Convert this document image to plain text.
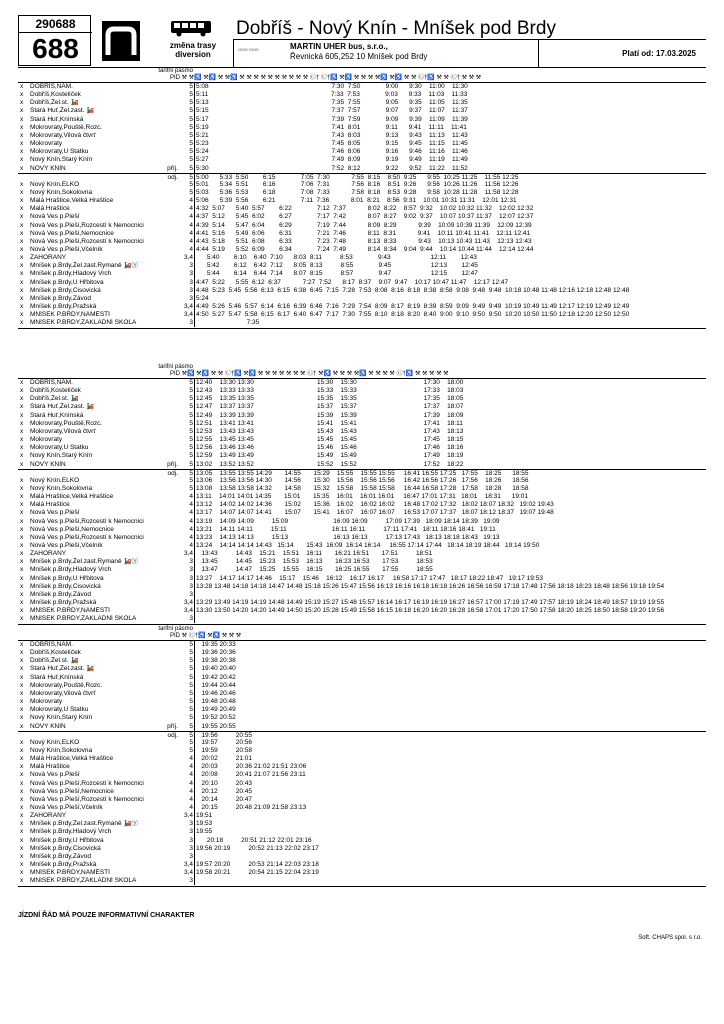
290688
688	změna trasy
diversion
Dobříš - Nový Knín - Mníšek pod Brdy
ODIS ODIS	MARTIN UHER bus, s.r.o.,
Řevnická 605,252 10 Mníšek pod Brdy	Platí od: 17.03.2025
tarifní pásmo
PID ⚒ ⚒♿ ⚒♿ ⚒ ⚒♿ ⚒ ⚒ ⚒ ⚒ ⚒ ⚒ ⚒ ⚒ ⚒ ⚒ Ⓒ† Ⓒ†♿ ⚒♿ ⚒ ⚒ ⚒ ⚒♿ ⚒♿ ⚒ ⚒ Ⓒ†♿ ⚒ ⚒ Ⓒ† ⚒ ⚒ ⚒
x	DOBŘÍŠ,NÁM.	5 5:08                                                                    7:30  7:50              9:00      9:30    11:00    11:30
x	Dobříš,Kostelíček	5 5:11                                                                    7:33  7:53              9:03      9:33    11:03    11:33
x	Dobříš,Žel.st. 🚂	5 5:13                                                                    7:35  7:55              9:05      9:35    11:05    11:35
x	Stará Huť,Žel.zast. 🚂	5 5:15                                                                    7:37  7:57              9:07      9:37    11:07    11:37
x	Stará Huť,Knínská	5 5:17                                                                    7:39  7:59              9:09      9:39    11:09    11:39
x	Mokrovraty,Pouště,Rozc.	5 5:19                                                                    7:41  8:01              9:11      9:41    11:11    11:41
x	Mokrovraty,Vilová čtvrť	5 5:21                                                                    7:43  8:03              9:13      9:43    11:13    11:43
x	Mokrovraty	5 5:23                                                                    7:45  8:05              9:15      9:45    11:15    11:45
x	Mokrovraty,U Statku	5 5:24                                                                    7:46  8:06              9:16      9:46    11:16    11:46
x	Nový Knín,Starý Knín	5 5:27                                                                    7:49  8:09              9:19      9:49    11:19    11:49
x	NOVÝ KNÍN	příj.	5 5:30                                                                    7:52  8:12              9:22      9:52    11:22    11:52
odj.	5 5:00      5:33  5:50        6:15              7:05  7:30            7:55  8:15    8:50  9:25      9:55  10:25 11:25    11:55 12:25
x	Nový Knín,ELKO	5 5:01      5:34  5:51        6:16              7:06  7:31            7:56  8:16    8:51  9:26      9:56  10:26 11:26    11:56 12:26
x	Nový Knín,Sokolovna	5 5:03      5:36  5:53        6:18              7:08  7:33            7:58  8:18    8:53  9:28      9:58  10:28 11:28    11:58 12:28
x	Malá Hraštice,Velká Hraštice	4 5:06      5:39  5:56        6:21              7:11  7:36            8:01  8:21    8:56  9:31    10:01 10:31 11:31    12:01 12:31
x	Malá Hraštice	4 4:32  5:07      5:40  5:57        6:22              7:12  7:37            8:02  8:22    8:57  9:32    10:02 10:32 11:32    12:02 12:32
x	Nová Ves p.Pleší	4 4:37  5:12      5:45  6:02        6:27              7:17  7:42            8:07  8:27    9:02  9:37    10:07 10:37 11:37    12:07 12:37
x	Nová Ves p.Pleší,Rozcestí k Nemocnici	4 4:39  5:14      5:47  6:04        6:29              7:19  7:44            8:09  8:29            9:39    10:09 10:39 11:39    12:09 12:39
x	Nová Ves p.Pleší,Nemocnice	4 4:41  5:16      5:49  6:06        6:31              7:21  7:46            8:11  8:31            9:41    10:11 10:41 11:41    12:11 12:41
x	Nová Ves p.Pleší,Rozcestí k Nemocnici	4 4:43  5:18      5:51  6:08        6:33              7:23  7:48            8:13  8:33            9:43    10:13 10:43 11:43    12:13 12:43
x	Nová Ves p.Pleší,Včelník	4 4:44  5:19      5:52  6:09        6:34              7:24  7:49            8:14  8:34    9:04  9:44    10:14 10:44 11:44    12:14 12:44
x	ZAHORANY	3,4 5:40        6:10    6:40  7:10      8:03  8:11          8:53              9:43                      12:11        12:43
x	Mníšek p.Brdy,Žel.zast.Rymaně 🚂Ⓢ	3 5:42        6:12    6:42  7:12      8:05  8:13          8:55              9:45                      12:13        12:45
x	Mníšek p.Brdy,Hladový Vrch	3 5:44        6:14    6:44  7:14      8:07  8:15          8:57              9:47                      12:15        12:47
x	Mníšek p.Brdy,U Hřbitova	3 4:47  5:22      5:55  6:12  6:37            7:27  7:52      8:17  8:37    9:07  9:47    10:17 10:47 11:47    12:17 12:47
x	Mníšek p.Brdy,Čisovická	3 4:48  5:23  5:45  5:56  6:13  6:15  6:38  6:45  7:15  7:28  7:53  8:08  8:16  8:18  8:38  8:58  9:08  9:48  9:48  10:18 10:48 11:48 12:16 12:18 12:48 12:48
x	Mníšek p.Brdy,Závod	3 5:24
x	Mníšek p.Brdy,Pražská	3,4 4:49  5:26  5:46  5:57  6:14  6:16  6:39  6:46  7:16  7:29  7:54  8:09  8:17  8:19  8:39  8:59  9:09  9:49  9:49  10:19 10:49 11:49 12:17 12:19 12:49 12:49
x	MNÍŠEK P.BRDY,NÁMĚSTÍ	3,4 4:50  5:27  5:47  5:58  6:15  6:17  6:40  6:47  7:17  7:30  7:55  8:10  8:18  8:20  8:40  9:00  9:10  9:50  9:50  10:20 10:50 11:50 12:18 12:20 12:50 12:50
x	MNÍŠEK P.BRDY,ZÁKLADNÍ ŠKOLA	3 7:35
tarifní pásmo
PID ⚒♿ ⚒♿ ⚒ ⚒ Ⓒ†♿ ⚒♿ ⚒ ⚒ ⚒ ⚒ ⚒ ⚒ ⚒ Ⓒ† ⚒♿ ⚒ ⚒ ⚒ ⚒♿ ⚒ ⚒ ⚒ ⚒ Ⓒ†♿ ⚒ ⚒ ⚒ ⚒ ⚒
x	DOBŘÍŠ,NÁM.	5 12:40    13:30 13:30                                   15:30    15:30                                     17:30    18:00
x	Dobříš,Kostelíček	5 12:43    13:33 13:33                                   15:33    15:33                                     17:33    18:03
x	Dobříš,Žel.st. 🚂	5 12:45    13:35 13:35                                   15:35    15:35                                     17:35    18:05
x	Stará Huť,Žel.zast. 🚂	5 12:47    13:37 13:37                                   15:37    15:37                                     17:37    18:07
x	Stará Huť,Knínská	5 12:49    13:39 13:39                                   15:39    15:39                                     17:39    18:09
x	Mokrovraty,Pouště,Rozc.	5 12:51    13:41 13:41                                   15:41    15:41                                     17:41    18:11
x	Mokrovraty,Vilová čtvrť	5 12:53    13:43 13:43                                   15:43    15:43                                     17:43    18:13
x	Mokrovraty	5 12:55    13:45 13:45                                   15:45    15:45                                     17:45    18:15
x	Mokrovraty,U Statku	5 12:56    13:46 13:46                                   15:46    15:46                                     17:46    18:16
x	Nový Knín,Starý Knín	5 12:59    13:49 13:49                                   15:49    15:49                                     17:49    18:19
x	NOVÝ KNÍN	příj.	5 13:02    13:52 13:52                                   15:52    15:52                                     17:52    18:22
odj.	5 13:05    13:55 13:55 14:29       14:55       15:29    15:55    15:55 15:55     16:41 16:55 17:25   17:55    18:25      18:55
x	Nový Knín,ELKO	5 13:06    13:56 13:56 14:30       14:56       15:30    15:56    15:56 15:56     16:42 16:56 17:26   17:56    18:26      18:56
x	Nový Knín,Sokolovna	5 13:08    13:58 13:58 14:32       14:58       15:32    15:58    15:58 15:58     16:44 16:58 17:28   17:58    18:28      18:58
x	Malá Hraštice,Velká Hraštice	4 13:11    14:01 14:01 14:35       15:01       15:35    16:01    16:01 16:01     16:47 17:01 17:31   18:01    18:31      19:01
x	Malá Hraštice	4 13:12    14:02 14:02 14:36       15:02       15:36    16:02    16:02 16:02     16:48 17:02 17:32   18:02 18:07 18:32   19:02 19:43
x	Nová Ves p.Pleší	4 13:17    14:07 14:07 14:41       15:07       15:41    16:07    16:07 16:07     16:53 17:07 17:37   18:07 18:12 18:37   19:07 19:48
x	Nová Ves p.Pleší,Rozcestí k Nemocnici	4 13:19    14:09 14:09          15:09                         16:09 16:09          17:09 17:39   18:09 18:14 18:39   19:09
x	Nová Ves p.Pleší,Nemocnice	4 13:21    14:11 14:11          15:11                         16:11 16:11          17:11 17:41   18:11 18:16 18:41   19:11
x	Nová Ves p.Pleší,Rozcestí k Nemocnici	4 13:23    14:13 14:13          15:13                         16:13 16:13          17:13 17:43   18:13 18:18 18:43   19:13
x	Nová Ves p.Pleší,Včelník	4 13:24    14:14 14:14 14:43   15:14       15:43  16:09  16:14 16:14     16:55 17:14 17:44   18:14 18:19 18:44   19:14 19:50
x	ZAHORANY	3,4 13:43          14:43    15:21    15:51    16:11       16:21 16:51       17:51          18:51
x	Mníšek p.Brdy,Žel.zast.Rymaně 🚂Ⓢ	3 13:45          14:45    15:23    15:53    16:13       16:23 16:53       17:53          18:53
x	Mníšek p.Brdy,Hladový Vrch	3 13:47          14:47    15:25    15:55    16:15       16:25 16:55       17:55          18:55
x	Mníšek p.Brdy,U Hřbitova	3 13:27    14:17 14:17 14:46    15:17    15:46    16:12    16:17 16:17     16:58 17:17 17:47   18:17 18:22 18:47   19:17 19:53
x	Mníšek p.Brdy,Čisovická	3 13:28 13:48 14:18 14:18 14:47 14:48 15:18 15:26 15:47 15:56 16:13 16:16 16:18 16:18 16:26 16:56 16:59 17:18 17:48 17:56 18:18 18:23 18:48 18:56 19:18 19:54
x	Mníšek p.Brdy,Závod	3
x	Mníšek p.Brdy,Pražská	3,4 13:29 13:49 14:19 14:19 14:48 14:49 15:19 15:27 15:48 15:57 16:14 16:17 16:19 16:19 16:27 16:57 17:00 17:19 17:49 17:57 18:19 18:24 18:49 18:57 19:19 19:55
x	MNÍŠEK P.BRDY,NÁMĚSTÍ	3,4 13:30 13:50 14:20 14:20 14:49 14:50 15:20 15:28 15:49 15:58 16:15 16:18 16:20 16:20 16:28 16:58 17:01 17:20 17:50 17:58 18:20 18:25 18:50 18:58 19:20 19:56
x	MNÍŠEK P.BRDY,ZÁKLADNÍ ŠKOLA	3
tarifní pásmo
PID ⚒ Ⓒ†♿ ⚒♿ ⚒ ⚒ ⚒
x	DOBŘÍŠ,NÁM.	5 19:35 20:33
x	Dobříš,Kostelíček	5 19:36 20:36
x	Dobříš,Žel.st. 🚂	5 19:38 20:38
x	Stará Huť,Žel.zast. 🚂	5 19:40 20:40
x	Stará Huť,Knínská	5 19:42 20:42
x	Mokrovraty,Pouště,Rozc.	5 19:44 20:44
x	Mokrovraty,Vilová čtvrť	5 19:46 20:46
x	Mokrovraty	5 19:48 20:48
x	Mokrovraty,U Statku	5 19:49 20:49
x	Nový Knín,Starý Knín	5 19:52 20:52
x	NOVÝ KNÍN	příj.	5 19:55 20:55
odj.	5 19:56          20:55
x	Nový Knín,ELKO	5 19:57          20:56
x	Nový Knín,Sokolovna	5 19:59          20:58
x	Malá Hraštice,Velká Hraštice	4 20:02          21:01
x	Malá Hraštice	4 20:03          20:36 21:02 21:51 23:06
x	Nová Ves p.Pleší	4 20:08          20:41 21:07 21:56 23:11
x	Nová Ves p.Pleší,Rozcestí k Nemocnici	4 20:10          20:43
x	Nová Ves p.Pleší,Nemocnice	4 20:12          20:45
x	Nová Ves p.Pleší,Rozcestí k Nemocnici	4 20:14          20:47
x	Nová Ves p.Pleší,Včelník	4 20:15          20:48 21:09 21:58 23:13
x	ZAHORANY	3,4 19:51
x	Mníšek p.Brdy,Žel.zast.Rymaně 🚂Ⓢ	3 19:53
x	Mníšek p.Brdy,Hladový Vrch	3 19:55
x	Mníšek p.Brdy,U Hřbitova	3 20:18          20:51 21:12 22:01 23:16
x	Mníšek p.Brdy,Čisovická	3 19:56 20:19          20:52 21:13 22:02 23:17
x	Mníšek p.Brdy,Závod	3
x	Mníšek p.Brdy,Pražská	3,4 19:57 20:20          20:53 21:14 22:03 23:18
x	MNÍŠEK P.BRDY,NÁMĚSTÍ	3,4 19:58 20:21          20:54 21:15 22:04 23:19
x	MNÍŠEK P.BRDY,ZÁKLADNÍ ŠKOLA	3
JÍZDNÍ ŘÁD MÁ POUZE INFORMATIVNÍ CHARAKTER
Soft. CHAPS spol. s r.o.
